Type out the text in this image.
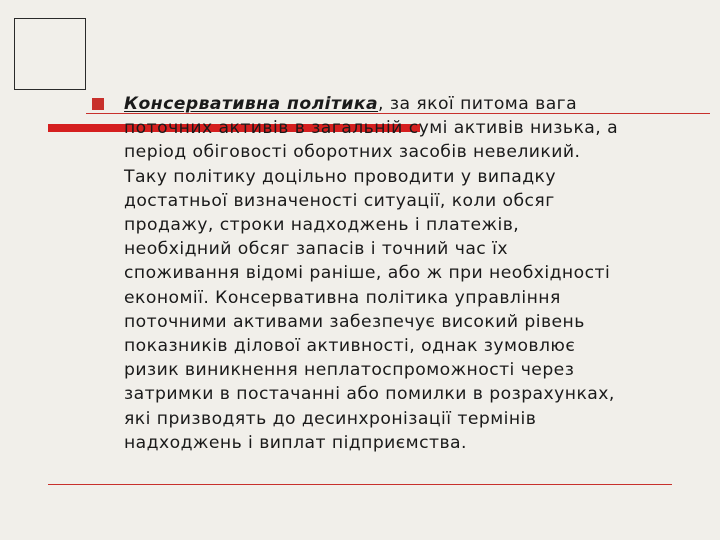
Консервативна політика, за якої питома вага
поточних активів в загальній сумі активів низька, а
період обіговості оборотних засобів невеликий.
Таку політику доцільно проводити у випадку
достатньої визначеності ситуації, коли обсяг
продажу, строки надходжень і платежів,
необхідний обсяг запасів і точний час їх
споживання відомі раніше, або ж при необхідності
економії. Консервативна політика управління
поточними активами забезпечує високий рівень
показників ділової активності, однак зумовлює
ризик виникнення неплатоспроможності через
затримки в постачанні або помилки в розрахунках,
які призводять до десинхронізації термінів
надходжень і виплат підприємства.
